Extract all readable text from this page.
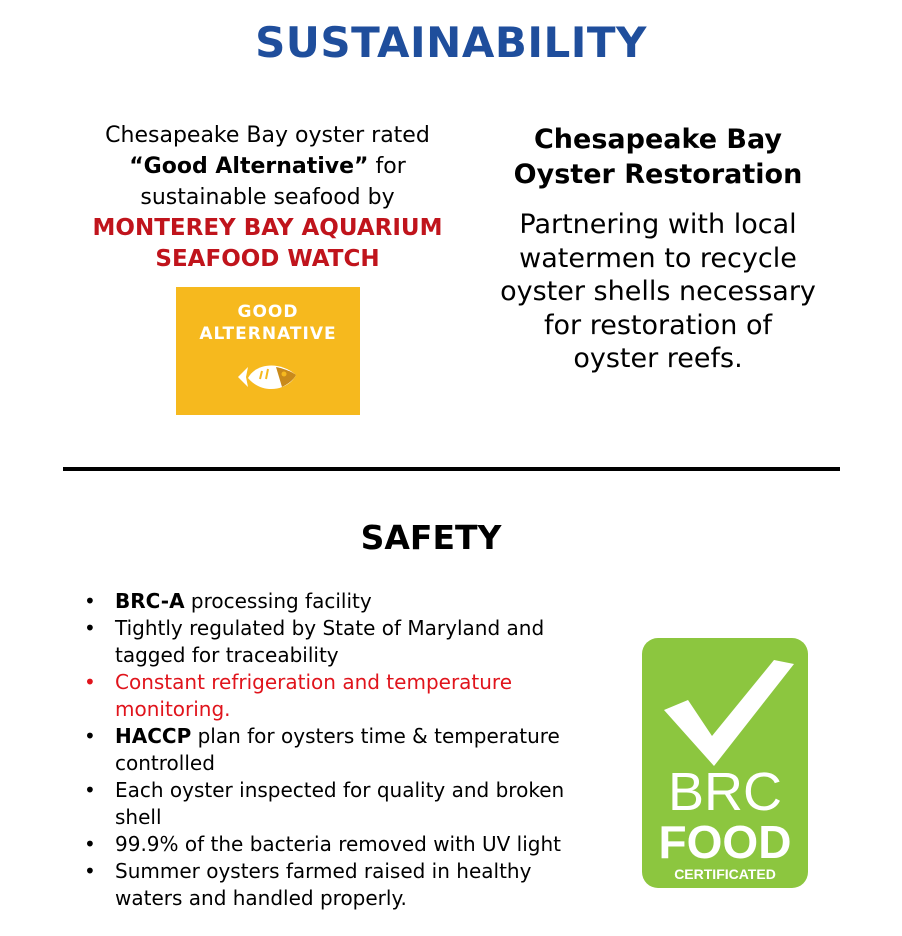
SUSTAINABILITY
Chesapeake Bay oyster rated
“Good Alternative” for
sustainable seafood by
MONTEREY BAY AQUARIUM
SEAFOOD WATCH
GOOD
ALTERNATIVE
Chesapeake Bay
Oyster Restoration
Partnering with local
watermen to recycle
oyster shells necessary
for restoration of
oyster reefs.
SAFETY
• BRC-A processing facility
• Tightly regulated by State of Maryland and
tagged for traceability
• Constant refrigeration and temperature
monitoring.
• HACCP plan for oysters time & temperature
controlled
• Each oyster inspected for quality and broken
shell
• 99.9% of the bacteria removed with UV light
• Summer oysters farmed raised in healthy
waters and handled properly.
BRC
FOOD
CERTIFICATED
